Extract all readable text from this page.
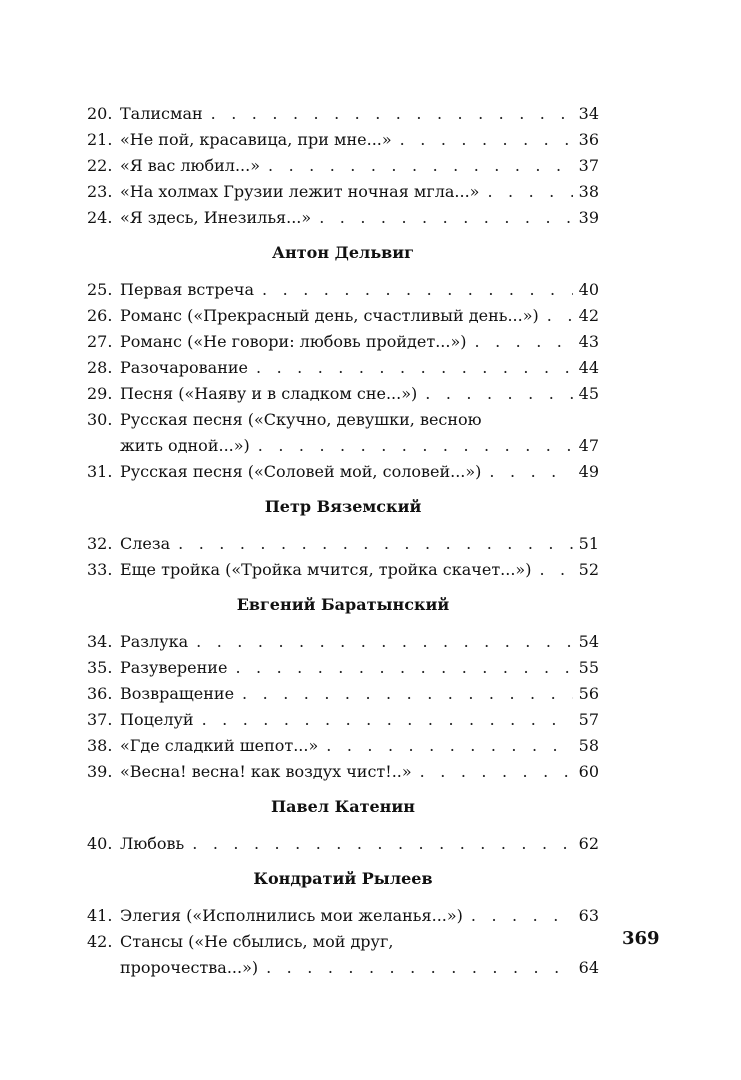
20. Талисман . . .	34
21. «Не пой, красавица, при мне...» . . .	36
22. «Я вас любил...» . . .	37
23. «На холмах Грузии лежит ночная мгла...» . . .	38
24. «Я здесь, Инезилья...» . . .	39
Антон Дельвиг
25. Первая встреча . . .	40
26. Романс («Прекрасный день, счастливый день...») . . . 42
27. Романс («Не говори: любовь пройдет...») . . .	43
28. Разочарование . . .	44
29. Песня («Наяву и в сладком сне...») . . .	45
30. Русская песня («Скучно, девушки, весною
жить одной...») . . .	47
31. Русская песня («Соловей мой, соловей...») . . .	49
Петр Вяземский
32. Слеза . . .	51
33. Еще тройка («Тройка мчится, тройка скачет...») . . .	52
Евгений Баратынский
34. Разлука . . .	54
35. Разуверение . . .	55
36. Возвращение . . .	56
37. Поцелуй . . .	57
38. «Где сладкий шепот...» . . .	58
39. «Весна! весна! как воздух чист!..» . . .	60
Павел Катенин
40. Любовь . . .	62
Кондратий Рылеев
41. Элегия («Исполнились мои желанья...») . . .	63
42. Стансы («Не сбылись, мой друг,
пророчества...») . . .	64
369
